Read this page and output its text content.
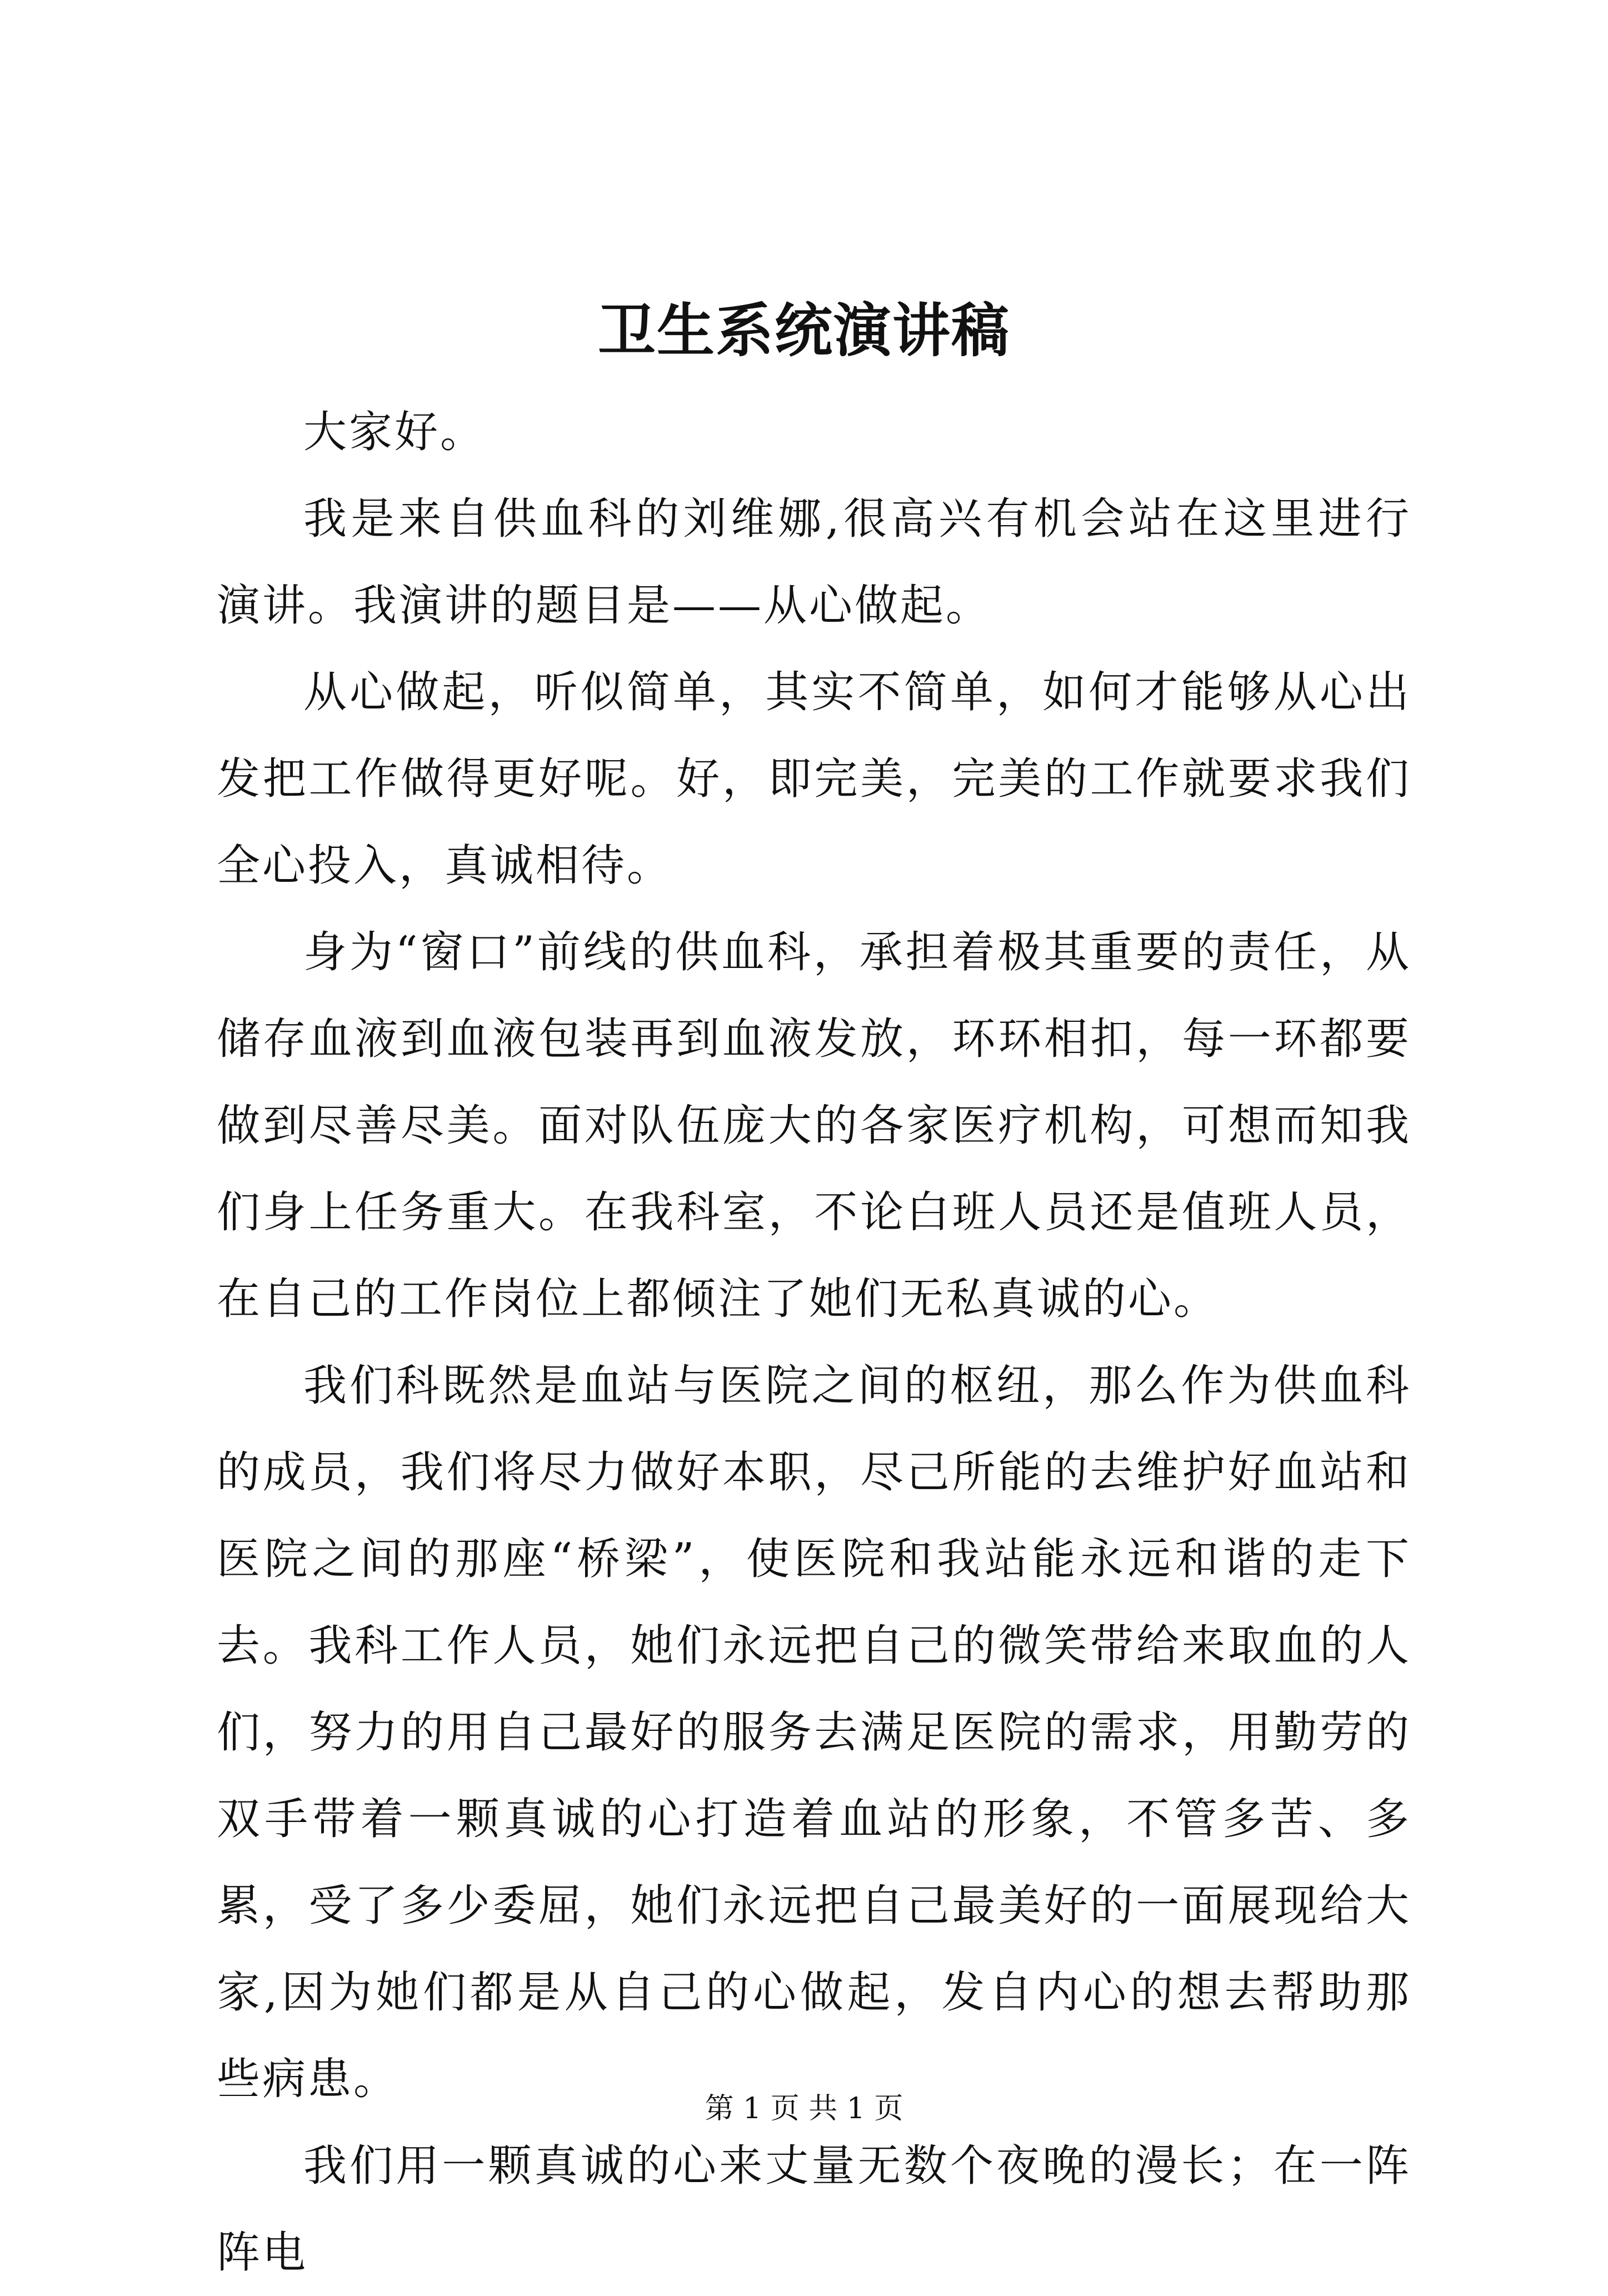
卫生系统演讲稿

大家好。

我是来自供血科的刘维娜,很高兴有机会站在这里进行演讲。我演讲的题目是——从心做起。

从心做起，听似简单，其实不简单，如何才能够从心出发把工作做得更好呢。好，即完美，完美的工作就要求我们全心投入，真诚相待。

身为“窗口”前线的供血科，承担着极其重要的责任，从储存血液到血液包装再到血液发放，环环相扣，每一环都要做到尽善尽美。面对队伍庞大的各家医疗机构，可想而知我们身上任务重大。在我科室，不论白班人员还是值班人员，在自己的工作岗位上都倾注了她们无私真诚的心。

我们科既然是血站与医院之间的枢纽，那么作为供血科的成员，我们将尽力做好本职，尽己所能的去维护好血站和医院之间的那座“桥梁”，使医院和我站能永远和谐的走下去。我科工作人员，她们永远把自己的微笑带给来取血的人们，努力的用自己最好的服务去满足医院的需求，用勤劳的双手带着一颗真诚的心打造着血站的形象，不管多苦、多累，受了多少委屈，她们永远把自己最美好的一面展现给大家,因为她们都是从自己的心做起，发自内心的想去帮助那些病患。

我们用一颗真诚的心来丈量无数个夜晚的漫长；在一阵阵电

第 1 页 共 1 页
